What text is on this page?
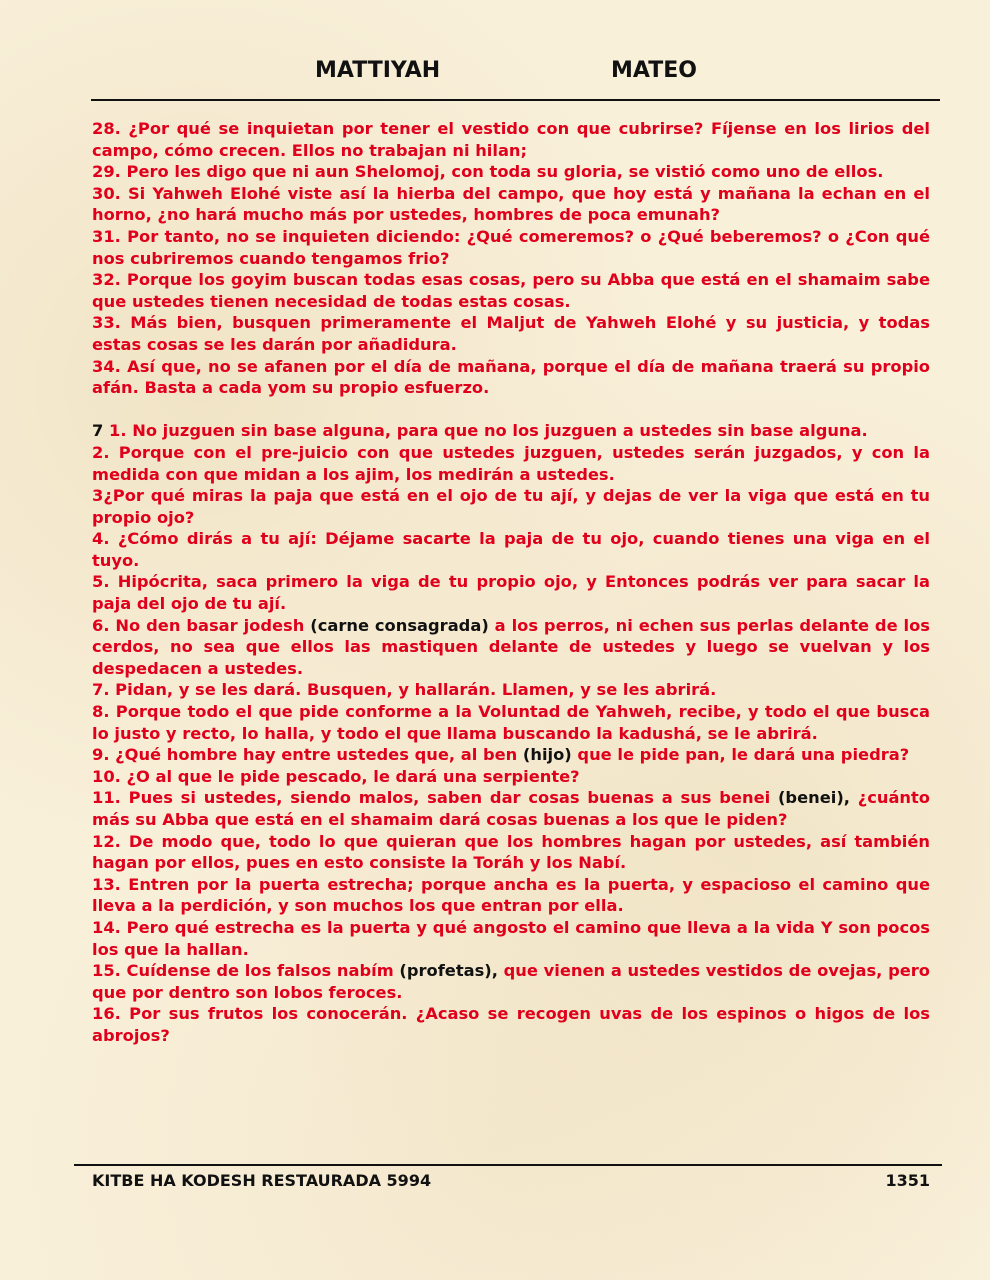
MATTIYAH	MATEO

28. ¿Por qué se inquietan por tener el vestido con que cubrirse? Fíjense en los lirios del campo, cómo crecen. Ellos no trabajan ni hilan;

29. Pero les digo que ni aun Shelomoj, con toda su gloria, se vistió como uno de ellos.

30. Si Yahweh Elohé viste así la hierba del campo, que hoy está y mañana la echan en el horno, ¿no hará mucho más por ustedes, hombres de poca emunah?

31. Por tanto, no se inquieten diciendo: ¿Qué comeremos? o ¿Qué beberemos? o ¿Con qué nos cubriremos cuando tengamos frio?

32. Porque los goyim buscan todas esas cosas, pero su Abba que está en el shamaim sabe que ustedes tienen necesidad de todas estas cosas.

33. Más bien, busquen primeramente el Maljut de Yahweh Elohé y su justicia, y todas estas cosas se les darán por añadidura.

34. Así que, no se afanen por el día de mañana, porque el día de mañana traerá su propio afán. Basta a cada yom su propio esfuerzo.

7 1. No juzguen sin base alguna, para que no los juzguen a ustedes sin base alguna.

2. Porque con el pre-juicio con que ustedes juzguen, ustedes serán juzgados, y con la medida con que midan a los ajim, los medirán a ustedes.

3¿Por qué miras la paja que está en el ojo de tu ají, y dejas de ver la viga que está en tu propio ojo?

4. ¿Cómo dirás a tu ají: Déjame sacarte la paja de tu ojo, cuando tienes una viga en el tuyo.

5. Hipócrita, saca primero la viga de tu propio ojo, y Entonces podrás ver para sacar la paja del ojo de tu ají.

6. No den basar jodesh (carne consagrada) a los perros, ni echen sus perlas delante de los cerdos, no sea que ellos las mastiquen delante de ustedes y luego se vuelvan y los despedacen a ustedes.

7. Pidan, y se les dará. Busquen, y hallarán. Llamen, y se les abrirá.

8. Porque todo el que pide conforme a la Voluntad de Yahweh, recibe, y todo el que busca lo justo y recto, lo halla, y todo el que llama buscando la kadushá, se le abrirá.

9. ¿Qué hombre hay entre ustedes que, al ben (hijo) que le pide pan, le dará una piedra?

10. ¿O al que le pide pescado, le dará una serpiente?

11. Pues si ustedes, siendo malos, saben dar cosas buenas a sus benei (benei), ¿cuánto más su Abba que está en el shamaim dará cosas buenas a los que le piden?

12. De modo que, todo lo que quieran que los hombres hagan por ustedes, así también hagan por ellos, pues en esto consiste la Toráh y los Nabí.

13. Entren por la puerta estrecha; porque ancha es la puerta, y espacioso el camino que lleva a la perdición, y son muchos los que entran por ella.

14. Pero qué estrecha es la puerta y qué angosto el camino que lleva a la vida Y son pocos los que la hallan.

15. Cuídense de los falsos nabím (profetas), que vienen a ustedes vestidos de ovejas, pero que por dentro son lobos feroces.

16. Por sus frutos los conocerán. ¿Acaso se recogen uvas de los espinos o higos de los abrojos?

KITBE HA KODESH RESTAURADA 5994	1351
